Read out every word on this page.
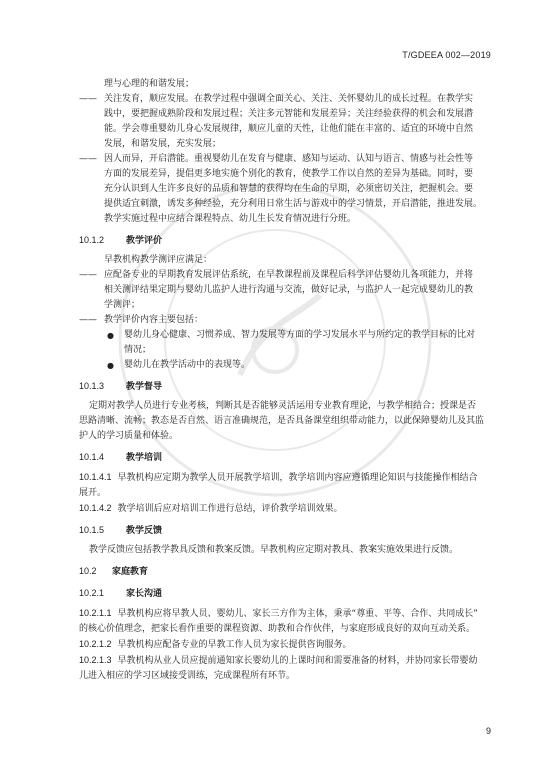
T/GDEEA 002—2019

理与心理的和谐发展；

—— 关注发育，顺应发展。在教学过程中强调全面关心、关注、关怀婴幼儿的成长过程。在教学实
践中，要把握成熟阶段和发展过程；关注多元智能和发展差异；关注经验获得的机会和发展潜
能。学会尊重婴幼儿身心发展规律，顺应儿童的天性，让他们能在丰富的、适宜的环境中自然
发展，和谐发展，充实发展；
—— 因人而异，开启潜能。重视婴幼儿在发育与健康、感知与运动、认知与语言、情感与社会性等
方面的发展差异，提倡更多地实施个别化的教育，使教学工作以自然的差异为基础。同时，要
充分认识到人生许多良好的品质和智慧的获得均在生命的早期，必须密切关注，把握机会。要
提供适宜刺激，诱发多种经验，充分利用日常生活与游戏中的学习情景，开启潜能，推进发展。
教学实施过程中应结合课程特点、幼儿生长发育情况进行分班。
10.1.2 教学评价
早教机构教学测评应满足：
—— 应配备专业的早期教育发展评估系统，在早教课程前及课程后科学评估婴幼儿各项能力，并将
相关测评结果定期与婴幼儿监护人进行沟通与交流，做好记录，与监护人一起完成婴幼儿的教
学测评；
—— 教学评价内容主要包括：
● 婴幼儿身心健康、习惯养成、智力发展等方面的学习发展水平与所约定的教学目标的比对
情况；
● 婴幼儿在教学活动中的表现等。
10.1.3 教学督导
定期对教学人员进行专业考核，判断其是否能够灵活运用专业教育理论，与教学相结合；授课是否
思路清晰、流畅；教态是否自然、语言准确规范，是否具备课堂组织带动能力，以此保障婴幼儿及其监
护人的学习质量和体验。
10.1.4 教学培训
10.1.4.1 早教机构应定期为教学人员开展教学培训，教学培训内容应遵循理论知识与技能操作相结合
展开。
10.1.4.2 教学培训后应对培训工作进行总结，评价教学培训效果。
10.1.5 教学反馈
教学反馈应包括教学教具反馈和教案反馈。早教机构应定期对教具、教案实施效果进行反馈。
10.2 家庭教育
10.2.1 家长沟通
10.2.1.1 早教机构应将早教人员、婴幼儿、家长三方作为主体，秉承“尊重、平等、合作、共同成长”
的核心价值理念，把家长看作重要的课程资源、助教和合作伙伴，与家庭形成良好的双向互动关系。
10.2.1.2 早教机构应配备专业的早教工作人员为家长提供咨询服务。
10.2.1.3 早教机构从业人员应提前通知家长婴幼儿的上课时间和需要准备的材料，并协同家长带婴幼
儿进入相应的学习区域接受训练，完成课程所有环节。
9
